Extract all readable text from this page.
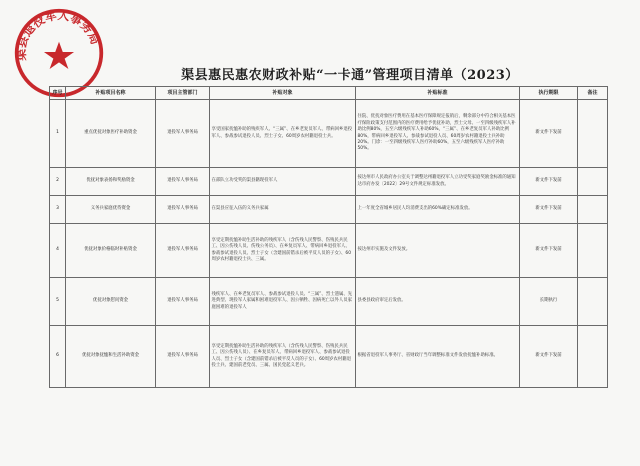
渠县退役军人事务局
渠县惠民惠农财政补贴“一卡通”管理项目清单（2023）
序号	补贴项目名称	项目主管部门	补贴对象	补贴标准	执行期限	备注
1	重点优抚对象医疗补助资金	退役军人事务局	享受国家抚恤补助的残疾军人、“三属”、在乡老复员军人、带病回乡退役军人、参战参试退役人员、烈士子女、60周岁农村籍退役士兵。	住院、优抚对象医疗费用在基本医疗保障规定报销后，剩余部分中符合相关基本医疗保险政策支付范围内的医疗费用给予优抚补助，烈士父母、一至四级残疾军人补助比例80%，五至六级残疾军人补助60%，“三属”、在乡老复员军人补助比例80%，带病回乡退役军人、参战参试退役人员、60周岁农村籍退役士兵补助20%。门诊：一至四级残疾军人医疗补助60%，五至六级残疾军人医疗补助50%。	新文件下发前	
2	优抚对象表扬和奖励资金	退役军人事务局	在部队立功受奖的渠县籍现役军人	按达州市人民政府办公室关于调整达州籍退役军人立功受奖家庭奖励金标准的通知 达市府办发〔2022〕29号文件规定标准发放。	新文件下发前	
3	义务兵家庭优待资金	退役军人事务局	在渠县应征入伍的义务兵家属	上一年度全省城乡居民人均消费支出的60%确定标准发放。	新文件下发前	
4	优抚对象价格临时补贴资金	退役军人事务局	享受定期抚恤补助生活补助的残疾军人（含伤残人民警察、伤残民兵民工、因公伤残人员、伤残公务员）、在乡复员军人、带病回乡退役军人、参战参试退役人员、烈士子女（含建国前错杀后被平反人员的子女）、60周岁农村籍退役士兵、三属。	按达州市实施及文件发放。	新文件下发前	
5	优抚对象慰问资金	退役军人事务局	残疾军人、在乡老复员军人、参战参试退役人员、“三属”、烈士遗属、先进典型、现役军人家属和困难退役军人、因公牺牲、因病死亡以外人员家庭困难的退役军人	县委县政府审定后发放。	长期执行	
6	优抚对象抚恤和生活补助资金	退役军人事务局	享受定期抚恤补助生活补助的残疾军人（含伤残人民警察、伤残民兵民工、因公伤残人员）、在乡复员军人、带病回乡退役军人、参战参试退役人员、烈士子女（含建国前错杀后被平反人员的子女）、60周岁农村籍退役士兵、建国前老党员、三属、国民党起义老兵。	根据省退役军人事务厅、省财政厅当年调整标准文件发放抚恤补助标准。	新文件下发前	
